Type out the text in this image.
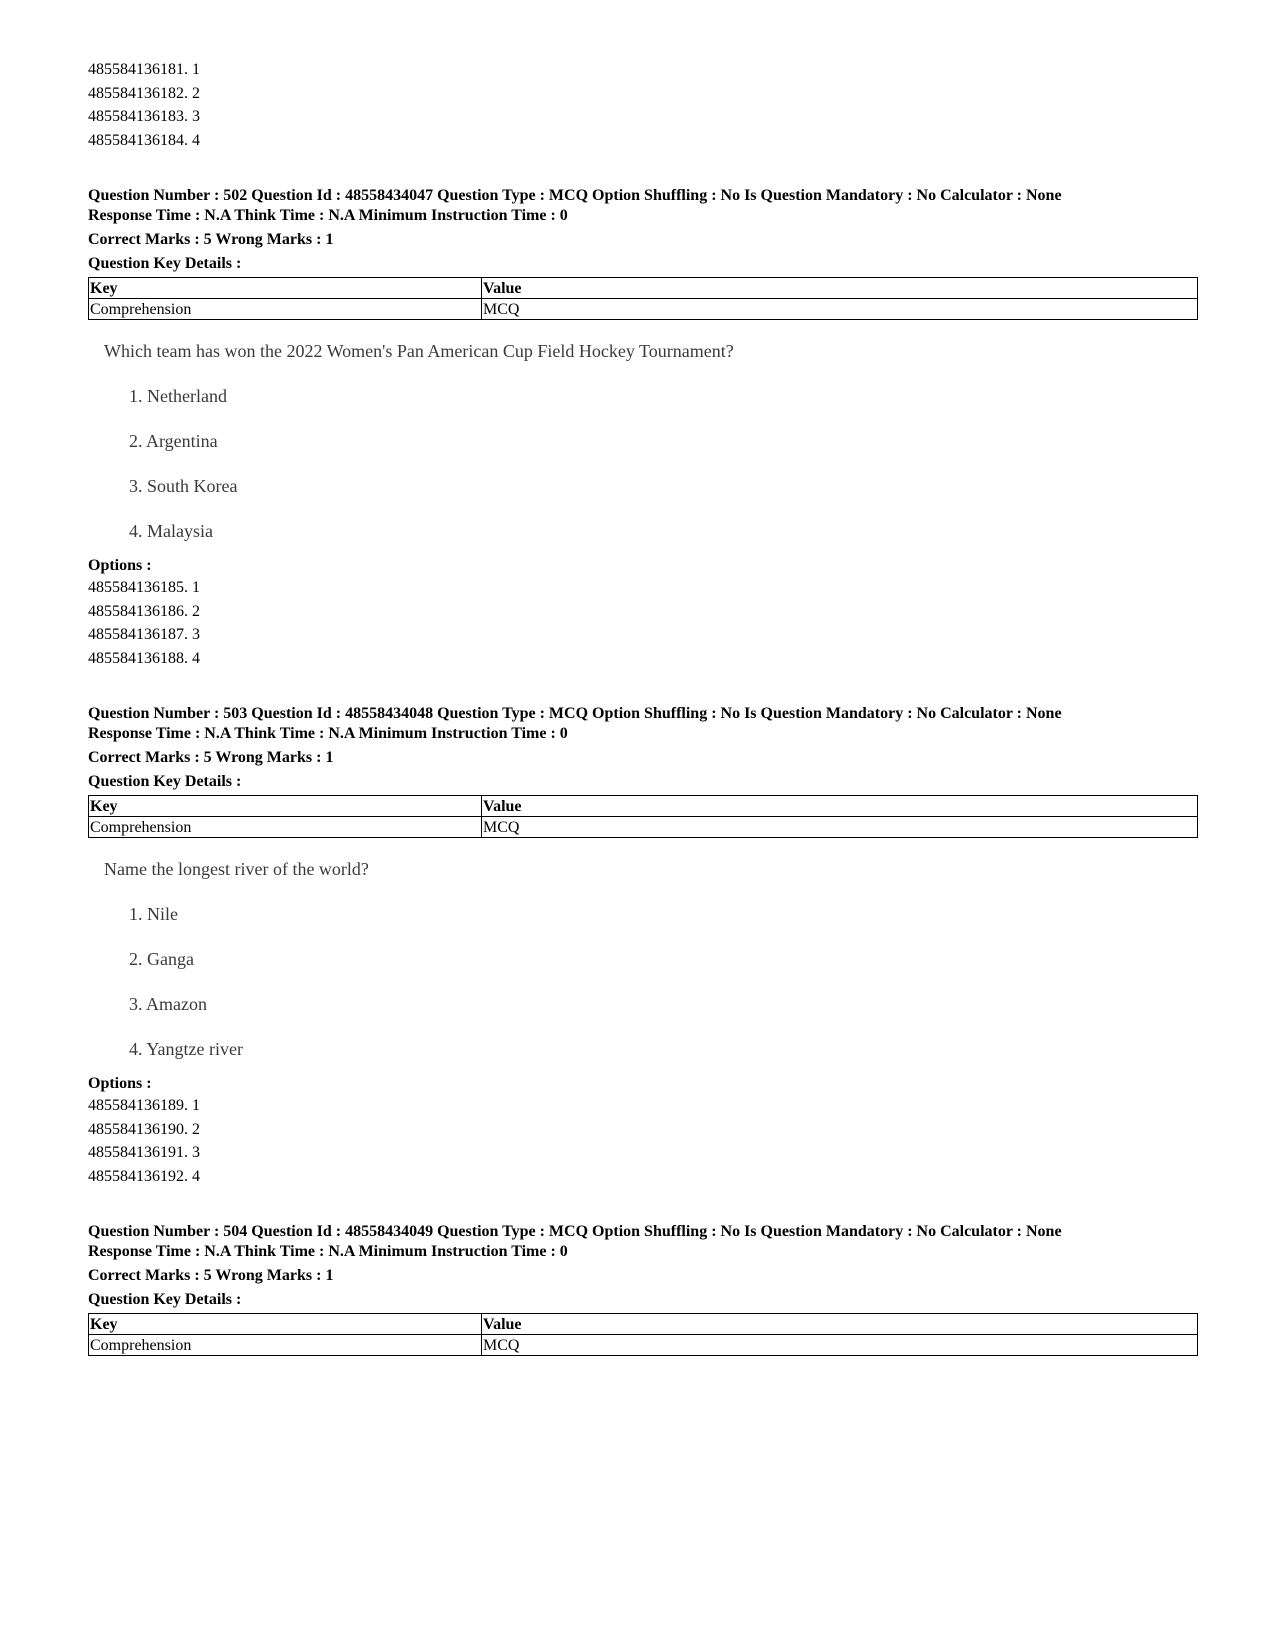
485584136181. 1
485584136182. 2
485584136183. 3
485584136184. 4
Question Number : 502 Question Id : 48558434047 Question Type : MCQ Option Shuffling : No Is Question Mandatory : No Calculator : None
Response Time : N.A Think Time : N.A Minimum Instruction Time : 0
Correct Marks : 5 Wrong Marks : 1
Question Key Details :
Key	Value
Comprehension	MCQ
Which team has won the 2022 Women's Pan American Cup Field Hockey Tournament?
1. Netherland
2. Argentina
3. South Korea
4. Malaysia
Options :
485584136185. 1
485584136186. 2
485584136187. 3
485584136188. 4
Question Number : 503 Question Id : 48558434048 Question Type : MCQ Option Shuffling : No Is Question Mandatory : No Calculator : None
Response Time : N.A Think Time : N.A Minimum Instruction Time : 0
Correct Marks : 5 Wrong Marks : 1
Question Key Details :
Key	Value
Comprehension	MCQ
Name the longest river of the world?
1. Nile
2. Ganga
3. Amazon
4. Yangtze river
Options :
485584136189. 1
485584136190. 2
485584136191. 3
485584136192. 4
Question Number : 504 Question Id : 48558434049 Question Type : MCQ Option Shuffling : No Is Question Mandatory : No Calculator : None
Response Time : N.A Think Time : N.A Minimum Instruction Time : 0
Correct Marks : 5 Wrong Marks : 1
Question Key Details :
Key	Value
Comprehension	MCQ
